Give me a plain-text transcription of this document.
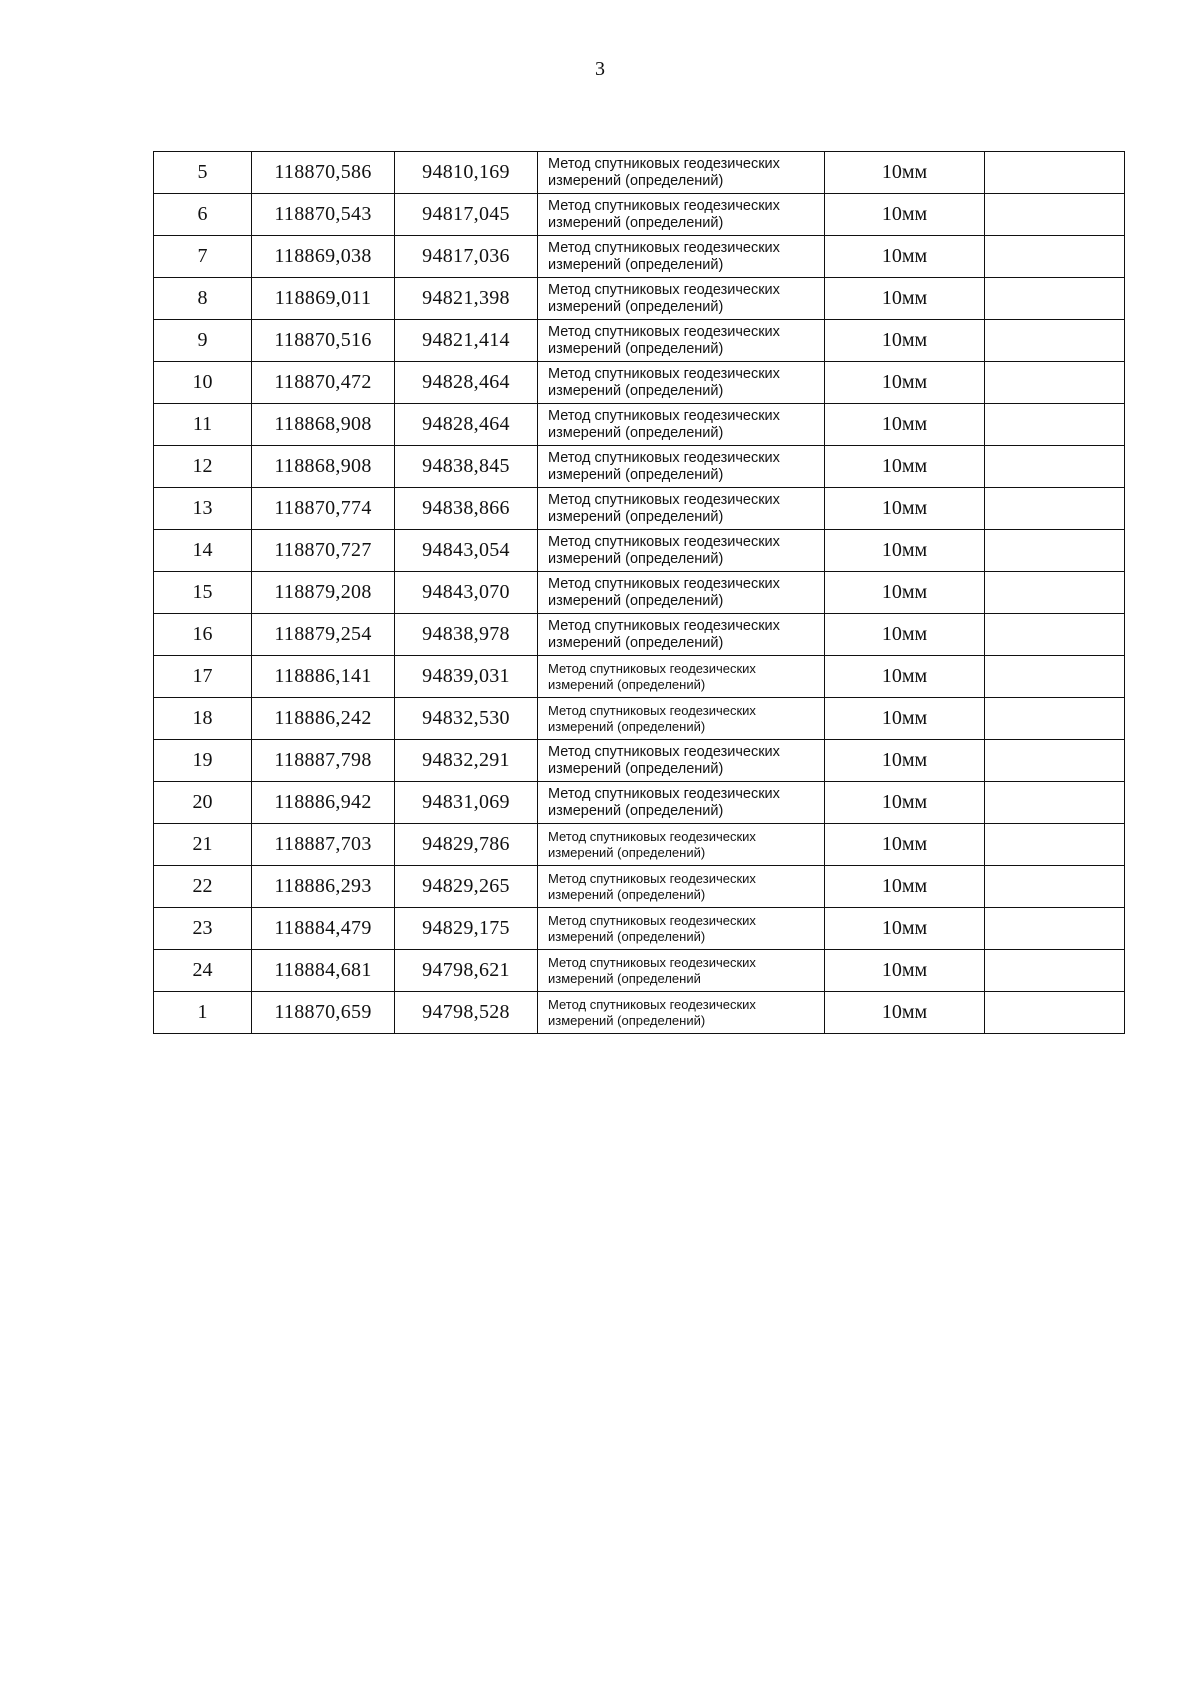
3
5	118870,586	94810,169	Метод спутниковых геодезических измерений (определений)	10мм	
6	118870,543	94817,045	Метод спутниковых геодезических измерений (определений)	10мм	
7	118869,038	94817,036	Метод спутниковых геодезических измерений (определений)	10мм	
8	118869,011	94821,398	Метод спутниковых геодезических измерений (определений)	10мм	
9	118870,516	94821,414	Метод спутниковых геодезических измерений (определений)	10мм	
10	118870,472	94828,464	Метод спутниковых геодезических измерений (определений)	10мм	
11	118868,908	94828,464	Метод спутниковых геодезических измерений (определений)	10мм	
12	118868,908	94838,845	Метод спутниковых геодезических измерений (определений)	10мм	
13	118870,774	94838,866	Метод спутниковых геодезических измерений (определений)	10мм	
14	118870,727	94843,054	Метод спутниковых геодезических измерений (определений)	10мм	
15	118879,208	94843,070	Метод спутниковых геодезических измерений (определений)	10мм	
16	118879,254	94838,978	Метод спутниковых геодезических измерений (определений)	10мм	
17	118886,141	94839,031	Метод спутниковых геодезических измерений (определений)	10мм	
18	118886,242	94832,530	Метод спутниковых геодезических измерений (определений)	10мм	
19	118887,798	94832,291	Метод спутниковых геодезических измерений (определений)	10мм	
20	118886,942	94831,069	Метод спутниковых геодезических измерений (определений)	10мм	
21	118887,703	94829,786	Метод спутниковых геодезических измерений (определений)	10мм	
22	118886,293	94829,265	Метод спутниковых геодезических измерений (определений)	10мм	
23	118884,479	94829,175	Метод спутниковых геодезических измерений (определений)	10мм	
24	118884,681	94798,621	Метод спутниковых геодезических измерений (определений	10мм	
1	118870,659	94798,528	Метод спутниковых геодезических измерений (определений)	10мм	
